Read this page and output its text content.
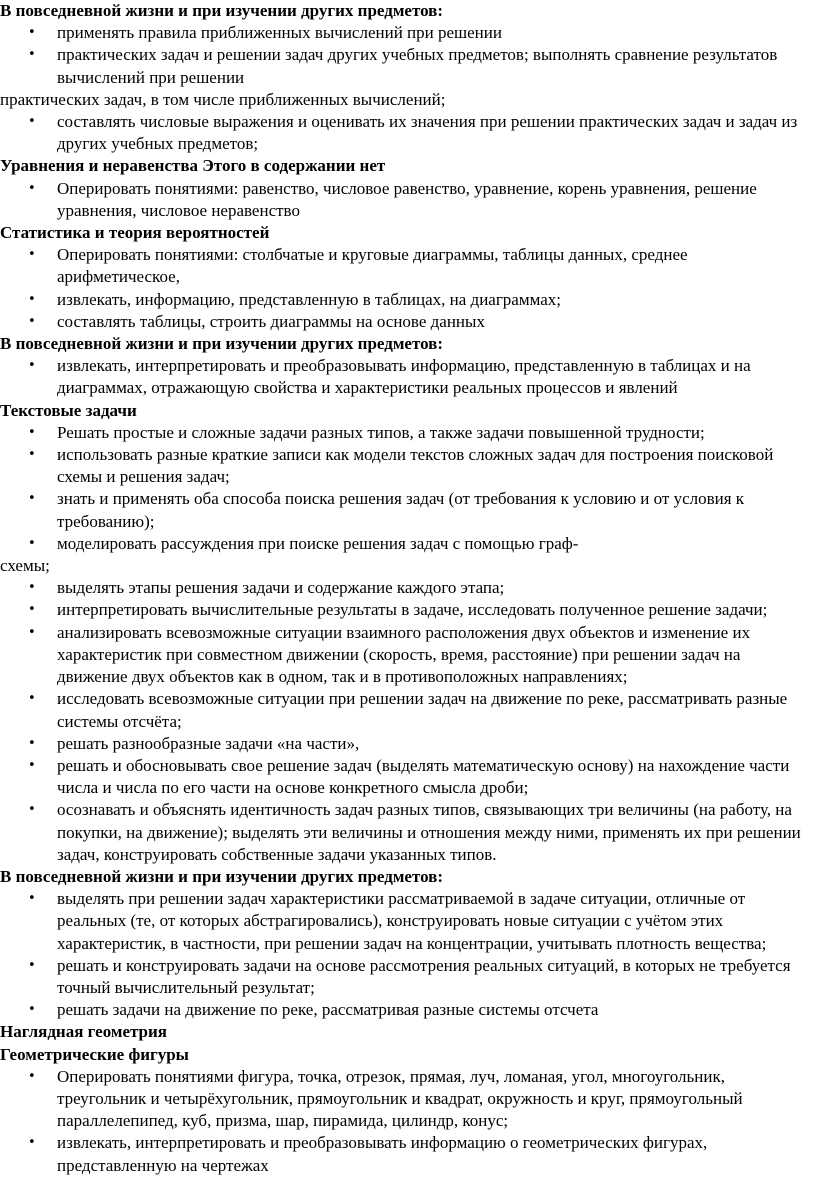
В повседневной жизни и при изучении других предметов:

• применять правила приближенных вычислений при решении
• практических задач и решении задач других учебных предметов; выполнять сравнение результатов вычислений при решении

практических задач, в том числе приближенных вычислений;

• составлять числовые выражения и оценивать их значения при решении практических задач и задач из других учебных предметов;

Уравнения и неравенства Этого в содержании нет

• Оперировать понятиями: равенство, числовое равенство, уравнение, корень уравнения, решение уравнения, числовое неравенство

Статистика и теория вероятностей

• Оперировать понятиями: столбчатые и круговые диаграммы, таблицы данных, среднее арифметическое,
• извлекать, информацию, представленную в таблицах, на диаграммах;
• составлять таблицы, строить диаграммы на основе данных

В повседневной жизни и при изучении других предметов:

• извлекать, интерпретировать и преобразовывать информацию, представленную в таблицах и на диаграммах, отражающую свойства и характеристики реальных процессов и явлений

Текстовые задачи

• Решать простые и сложные задачи разных типов, а также задачи повышенной трудности;
• использовать разные краткие записи как модели текстов сложных задач для построения поисковой схемы и решения задач;
• знать и применять оба способа поиска решения задач (от требования к условию и от условия к требованию);
• моделировать рассуждения при поиске решения задач с помощью граф-

схемы;

• выделять этапы решения задачи и содержание каждого этапа;
• интерпретировать вычислительные результаты в задаче, исследовать полученное решение задачи;
• анализировать всевозможные ситуации взаимного расположения двух объектов и изменение их характеристик при совместном движении (скорость, время, расстояние) при решении задач на движение двух объектов как в одном, так и в противоположных направлениях;
• исследовать всевозможные ситуации при решении задач на движение по реке, рассматривать разные системы отсчёта;
• решать разнообразные задачи «на части»,
• решать и обосновывать свое решение задач (выделять математическую основу) на нахождение части числа и числа по его части на основе конкретного смысла дроби;
• осознавать и объяснять идентичность задач разных типов, связывающих три величины (на работу, на покупки, на движение); выделять эти величины и отношения между ними, применять их при решении задач, конструировать собственные задачи указанных типов.

В повседневной жизни и при изучении других предметов:

• выделять при решении задач характеристики рассматриваемой в задаче ситуации, отличные от реальных (те, от которых абстрагировались), конструировать новые ситуации с учётом этих характеристик, в частности, при решении задач на концентрации, учитывать плотность вещества;
• решать и конструировать задачи на основе рассмотрения реальных ситуаций, в которых не требуется точный вычислительный результат;
• решать задачи на движение по реке, рассматривая разные системы отсчета

Наглядная геометрия

Геометрические фигуры

• Оперировать понятиями фигура, точка, отрезок, прямая, луч, ломаная, угол, многоугольник, треугольник и четырёхугольник, прямоугольник и квадрат, окружность и круг, прямоугольный параллелепипед, куб, призма, шар, пирамида, цилиндр, конус;
• извлекать, интерпретировать и преобразовывать информацию о геометрических фигурах, представленную на чертежах
